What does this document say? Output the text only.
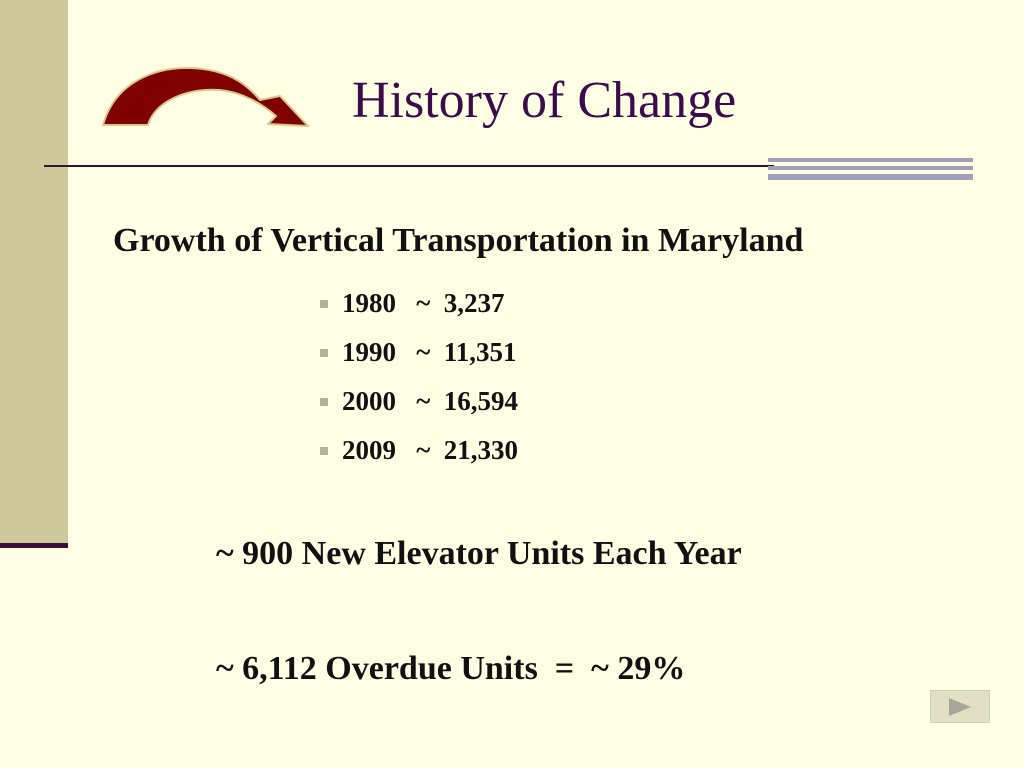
History of Change
Growth of Vertical Transportation in Maryland
1980   ~  3,237
1990   ~  11,351
2000   ~  16,594
2009   ~  21,330
~ 900 New Elevator Units Each Year
~ 6,112 Overdue Units  =  ~ 29%
